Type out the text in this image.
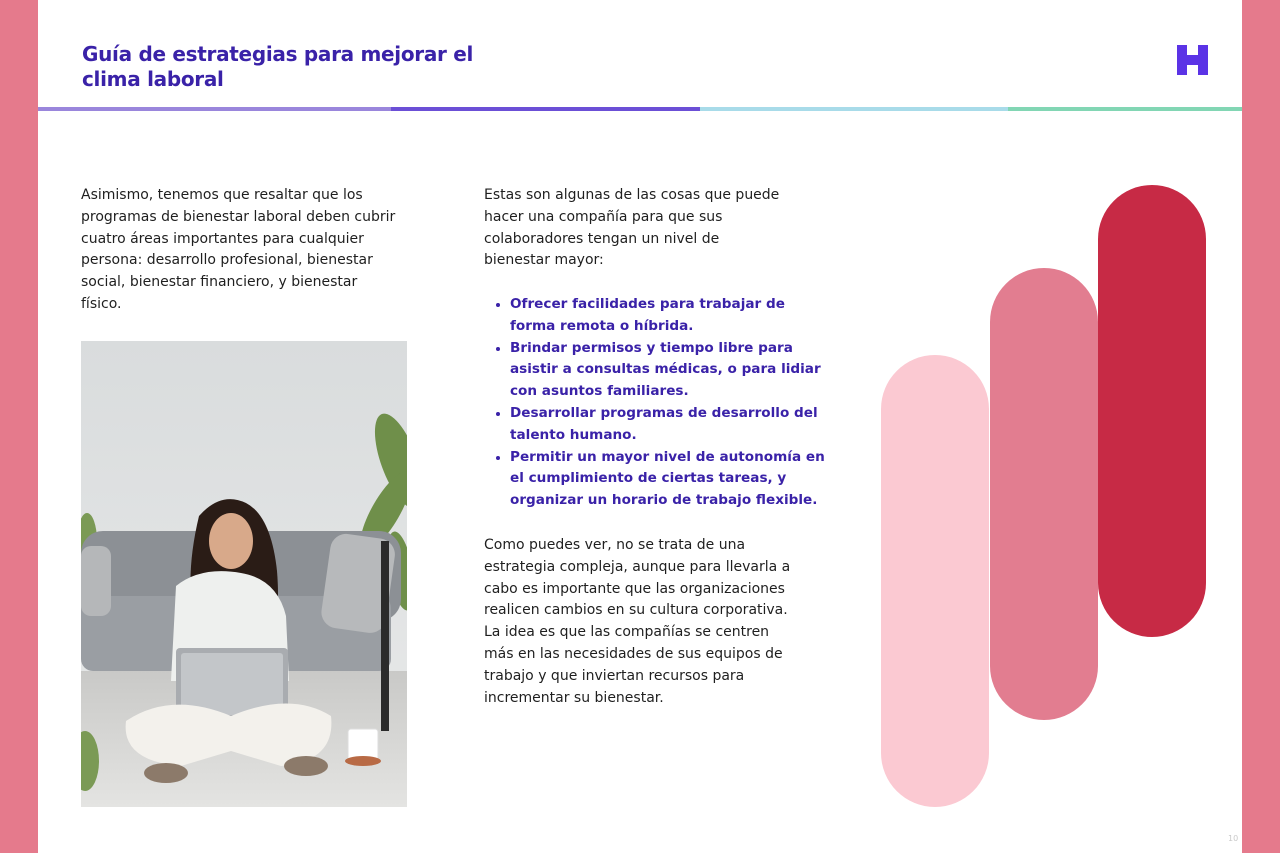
Guía de estrategias para mejorar el clima laboral

Asimismo, tenemos que resaltar que los programas de bienestar laboral deben cubrir cuatro áreas importantes para cualquier persona: desarrollo profesional, bienestar social, bienestar financiero, y bienestar físico.

Estas son algunas de las cosas que puede hacer una compañía para que sus colaboradores tengan un nivel de bienestar mayor:

• Ofrecer facilidades para trabajar de forma remota o híbrida.
• Brindar permisos y tiempo libre para asistir a consultas médicas, o para lidiar con asuntos familiares.
• Desarrollar programas de desarrollo del talento humano.
• Permitir un mayor nivel de autonomía en el cumplimiento de ciertas tareas, y organizar un horario de trabajo flexible.

Como puedes ver, no se trata de una estrategia compleja, aunque para llevarla a cabo es importante que las organizaciones realicen cambios en su cultura corporativa. La idea es que las compañías se centren más en las necesidades de sus equipos de trabajo y que inviertan recursos para incrementar su bienestar.

10
